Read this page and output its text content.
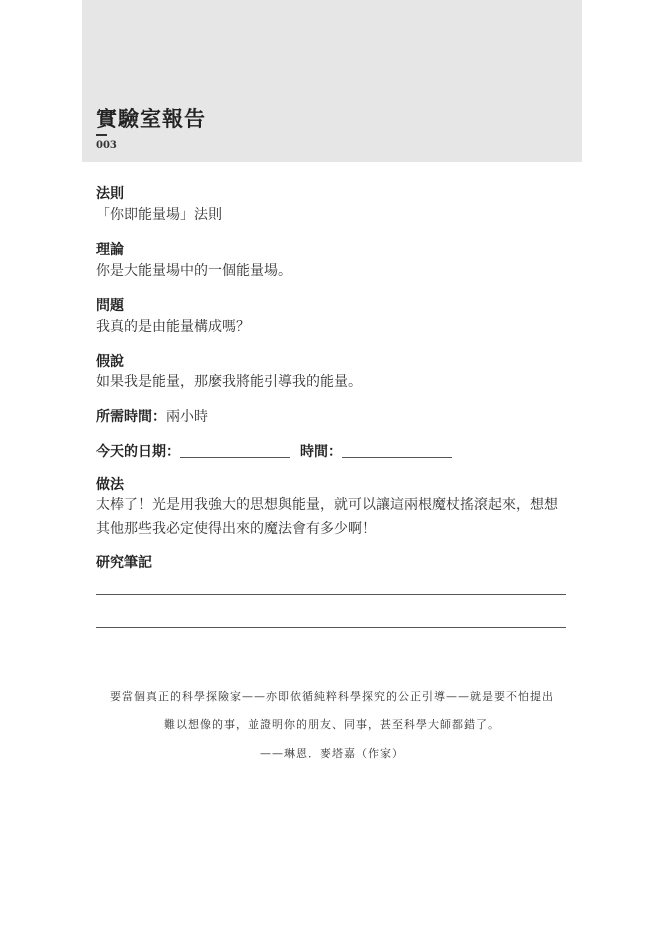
實驗室報告
003
法則
「你即能量場」法則
理論
你是大能量場中的一個能量場。
問題
我真的是由能量構成嗎？
假說
如果我是能量，那麼我將能引導我的能量。
所需時間：兩小時
今天的日期：	時間：
做法
太棒了！光是用我強大的思想與能量，就可以讓這兩根魔杖搖滾起來，想想
其他那些我必定使得出來的魔法會有多少啊！
研究筆記
要當個真正的科學探險家——亦即依循純粹科學探究的公正引導——就是要不怕提出
難以想像的事，並證明你的朋友、同事，甚至科學大師都錯了。
——琳恩．麥塔嘉（作家）
